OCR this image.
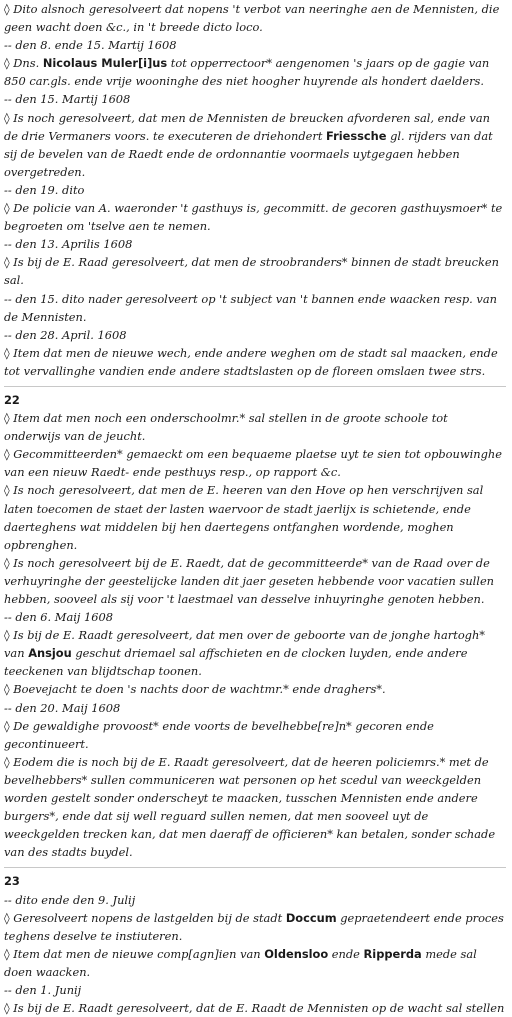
◊ Dito alsnoch geresolveert dat nopens 't verbot van neeringhe aen de Mennisten, die geen wacht doen &c., in 't breede dicto loco.
-- den 8. ende 15. Martij 1608
◊ Dns. Nicolaus Muler[i]us tot opperrectoor* aengenomen 's jaars op de gagie van 850 car.gls. ende vrije wooninghe des niet hoogher huyrende als hondert daelders.
-- den 15. Martij 1608
◊ Is noch geresolveert, dat men de Mennisten de breucken afvorderen sal, ende van de drie Vermaners voors. te executeren de driehondert Friessche gl. rijders van dat sij de bevelen van de Raedt ende de ordonnantie voormaels uytgegaen hebben overgetreden.
-- den 19. dito
◊ De policie van A. waeronder 't gasthuys is, gecommitt. de gecoren gasthuysmoer* te begroeten om 'tselve aen te nemen.
-- den 13. Aprilis 1608
◊ Is bij de E. Raad geresolveert, dat men de stroobranders* binnen de stadt breucken sal.
-- den 15. dito nader geresolveert op 't subject van 't bannen ende waacken resp. van de Mennisten.
-- den 28. April. 1608
◊ Item dat men de nieuwe wech, ende andere weghen om de stadt sal maacken, ende tot vervallinghe vandien ende andere stadtslasten op de floreen omslaen twee strs.
22
◊ Item dat men noch een onderschoolmr.* sal stellen in de groote schoole tot onderwijs van de jeucht.
◊ Gecommitteerden* gemaeckt om een bequaeme plaetse uyt te sien tot opbouwinghe van een nieuw Raedt- ende pesthuys resp., op rapport &c.
◊ Is noch geresolveert, dat men de E. heeren van den Hove op hen verschrijven sal laten toecomen de staet der lasten waervoor de stadt jaerlijx is schietende, ende daerteghens wat middelen bij hen daertegens ontfanghen wordende, moghen opbrenghen.
◊ Is noch geresolveert bij de E. Raedt, dat de gecommitteerde* van de Raad over de verhuyringhe der geestelijcke landen dit jaer geseten hebbende voor vacatien sullen hebben, sooveel als sij voor 't laestmael van desselve inhuyringhe genoten hebben.
-- den 6. Maij 1608
◊ Is bij de E. Raadt geresolveert, dat men over de geboorte van de jonghe hartogh* van Ansjou geschut driemael sal affschieten en de clocken luyden, ende andere teeckenen van blijdtschap toonen.
◊ Boevejacht te doen 's nachts door de wachtmr.* ende draghers*.
-- den 20. Maij 1608
◊ De gewaldighe provoost* ende voorts de bevelhebbe[re]n* gecoren ende gecontinueert.
◊ Eodem die is noch bij de E. Raadt geresolveert, dat de heeren policiemrs.* met de bevelhebbers* sullen communiceren wat personen op het scedul van weeckgelden worden gestelt sonder onderscheyt te maacken, tusschen Mennisten ende andere burgers*, ende dat sij well reguard sullen nemen, dat men sooveel uyt de weeckgelden trecken kan, dat men daeraff de officieren* kan betalen, sonder schade van des stadts buydel.
23
-- dito ende den 9. Julij
◊ Geresolveert nopens de lastgelden bij de stadt Doccum gepraetendeert ende proces teghens deselve te instiuteren.
◊ Item dat men de nieuwe comp[agn]ien van Oldensloo ende Ripperda mede sal doen waacken.
-- den 1. Junij
◊ Is bij de E. Raadt geresolveert, dat de E. Raadt de Mennisten op de wacht sal stellen
